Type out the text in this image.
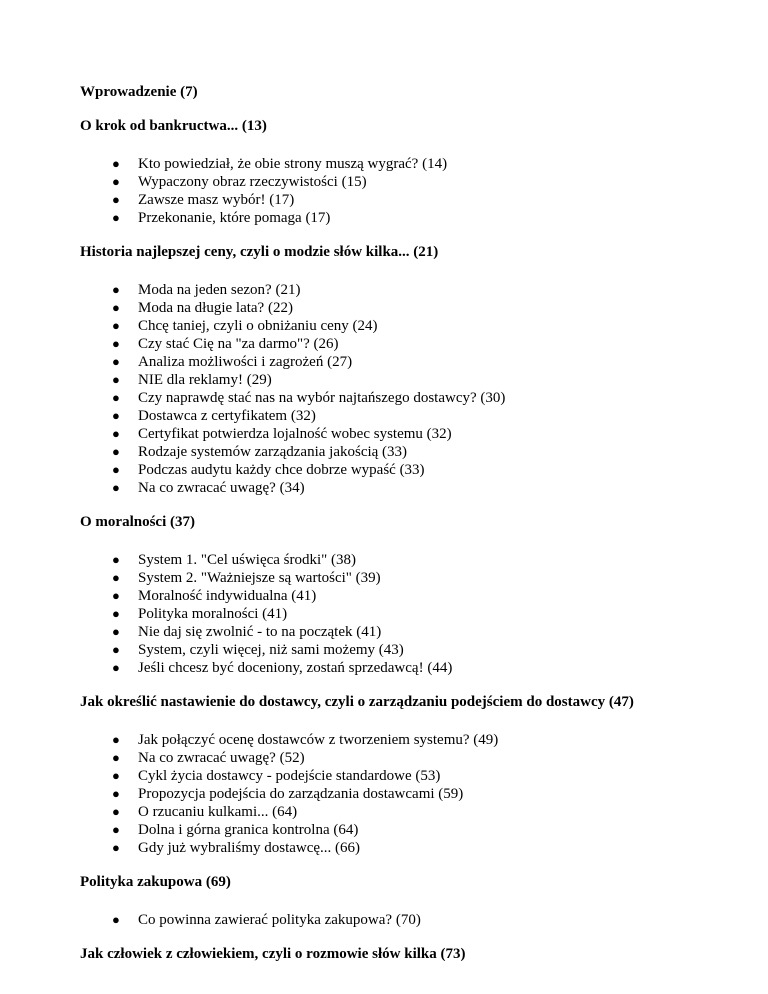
Wprowadzenie (7)
O krok od bankructwa... (13)
● Kto powiedział, że obie strony muszą wygrać? (14)
● Wypaczony obraz rzeczywistości (15)
● Zawsze masz wybór! (17)
● Przekonanie, które pomaga (17)
Historia najlepszej ceny, czyli o modzie słów kilka... (21)
● Moda na jeden sezon? (21)
● Moda na długie lata? (22)
● Chcę taniej, czyli o obniżaniu ceny (24)
● Czy stać Cię na "za darmo"? (26)
● Analiza możliwości i zagrożeń (27)
● NIE dla reklamy! (29)
● Czy naprawdę stać nas na wybór najtańszego dostawcy? (30)
● Dostawca z certyfikatem (32)
● Certyfikat potwierdza lojalność wobec systemu (32)
● Rodzaje systemów zarządzania jakością (33)
● Podczas audytu każdy chce dobrze wypaść (33)
● Na co zwracać uwagę? (34)
O moralności (37)
● System 1. "Cel uświęca środki" (38)
● System 2. "Ważniejsze są wartości" (39)
● Moralność indywidualna (41)
● Polityka moralności (41)
● Nie daj się zwolnić - to na początek (41)
● System, czyli więcej, niż sami możemy (43)
● Jeśli chcesz być doceniony, zostań sprzedawcą! (44)
Jak określić nastawienie do dostawcy, czyli o zarządzaniu podejściem do dostawcy (47)
● Jak połączyć ocenę dostawców z tworzeniem systemu? (49)
● Na co zwracać uwagę? (52)
● Cykl życia dostawcy - podejście standardowe (53)
● Propozycja podejścia do zarządzania dostawcami (59)
● O rzucaniu kulkami... (64)
● Dolna i górna granica kontrolna (64)
● Gdy już wybraliśmy dostawcę... (66)
Polityka zakupowa (69)
● Co powinna zawierać polityka zakupowa? (70)
Jak człowiek z człowiekiem, czyli o rozmowie słów kilka (73)
